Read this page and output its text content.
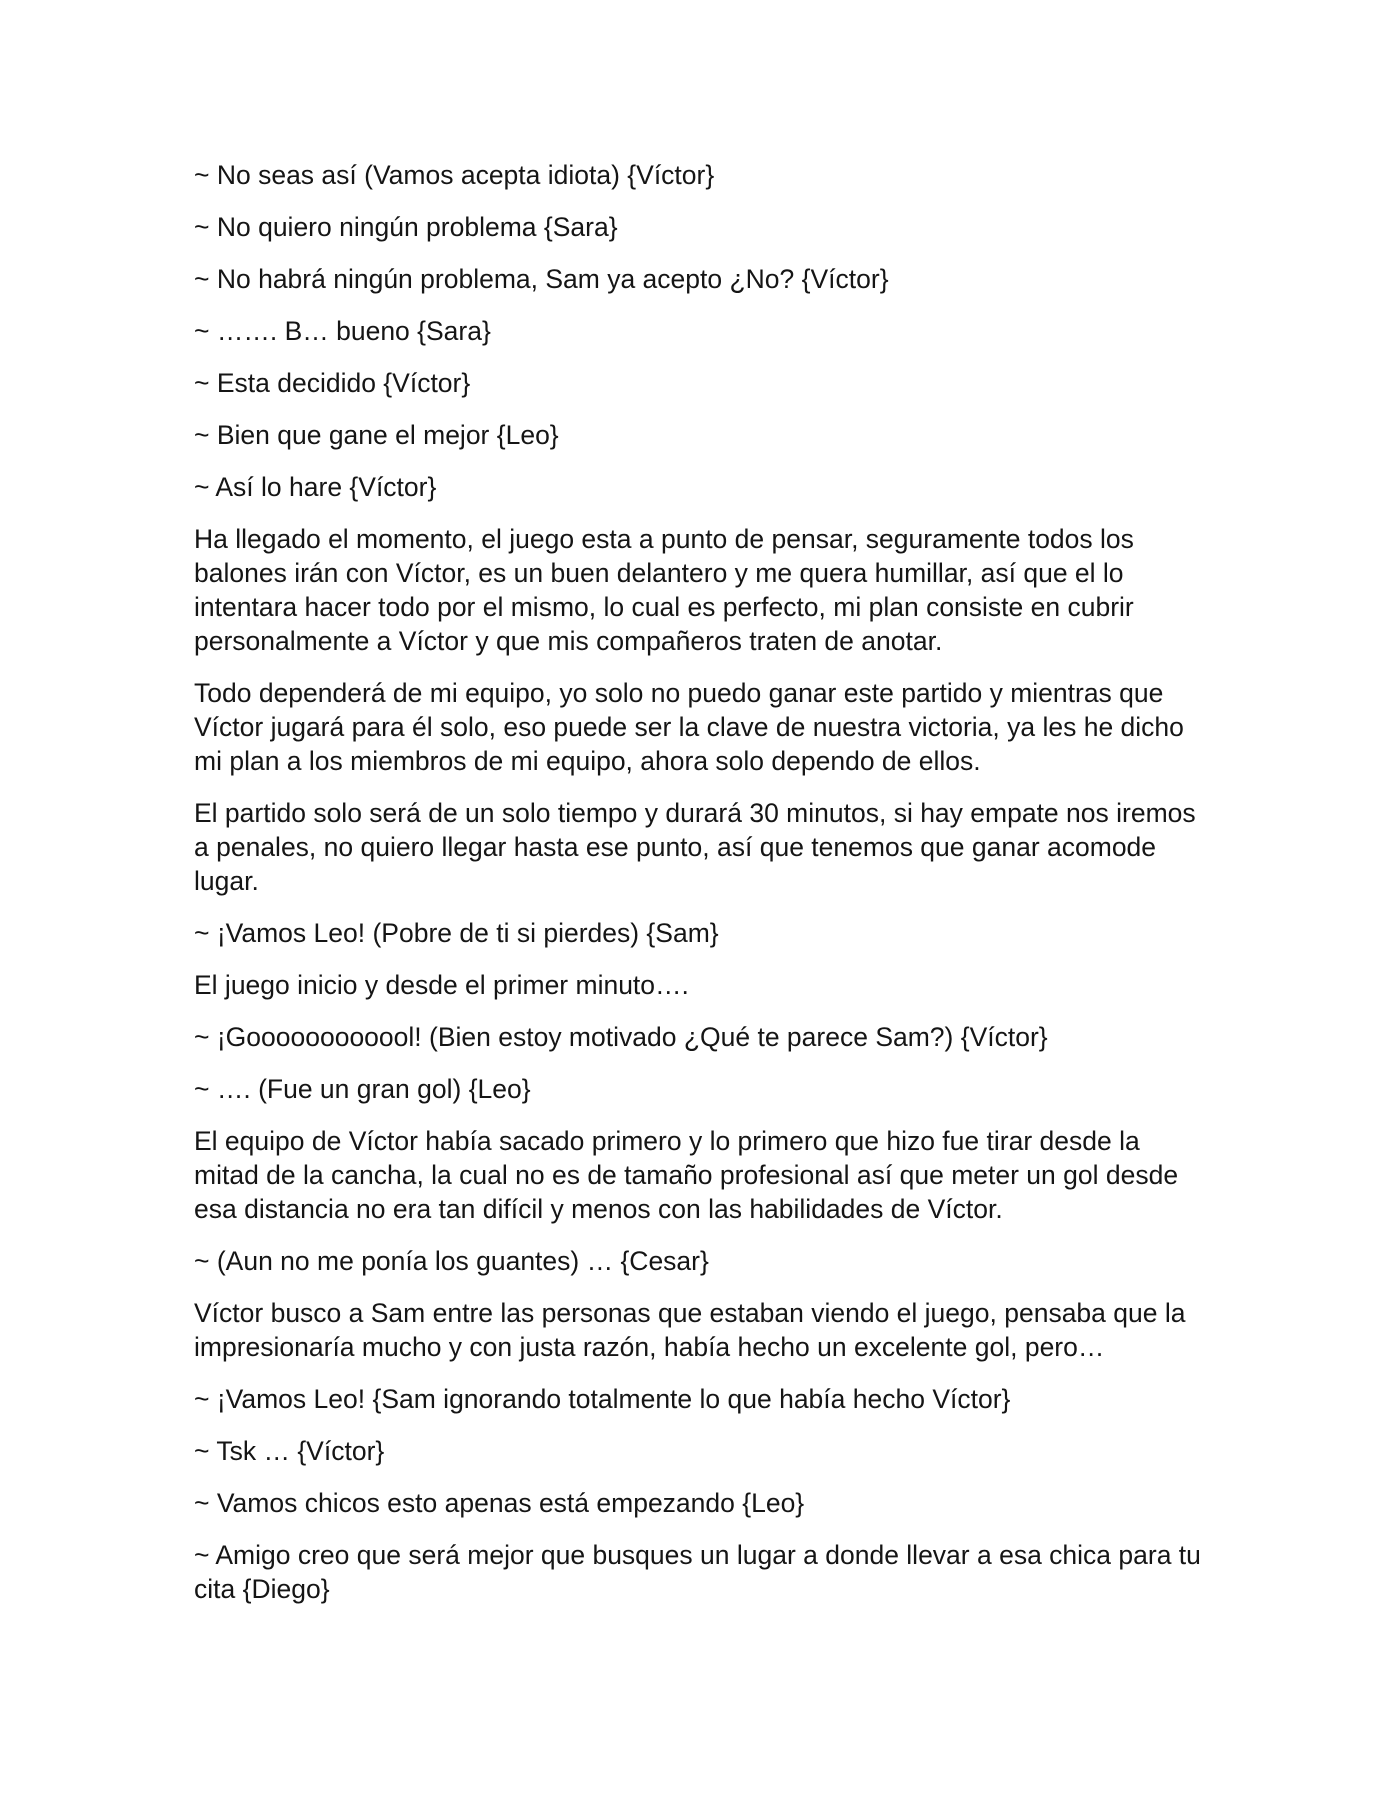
~ No seas así (Vamos acepta idiota) {Víctor}

~ No quiero ningún problema {Sara}

~ No habrá ningún problema, Sam ya acepto ¿No? {Víctor}

~ ……. B… bueno {Sara}

~ Esta decidido {Víctor}

~ Bien que gane el mejor {Leo}

~ Así lo hare {Víctor}

Ha llegado el momento, el juego esta a punto de pensar, seguramente todos los balones irán con Víctor, es un buen delantero y me quera humillar, así que el lo intentara hacer todo por el mismo, lo cual es perfecto, mi plan consiste en cubrir personalmente a Víctor y que mis compañeros traten de anotar.

Todo dependerá de mi equipo, yo solo no puedo ganar este partido y mientras que Víctor jugará para él solo, eso puede ser la clave de nuestra victoria, ya les he dicho mi plan a los miembros de mi equipo, ahora solo dependo de ellos.

El partido solo será de un solo tiempo y durará 30 minutos, si hay empate nos iremos a penales, no quiero llegar hasta ese punto, así que tenemos que ganar acomode lugar.

~ ¡Vamos Leo! (Pobre de ti si pierdes) {Sam}

El juego inicio y desde el primer minuto….

~ ¡Goooooooooool! (Bien estoy motivado ¿Qué te parece Sam?) {Víctor}

~ …. (Fue un gran gol) {Leo}

El equipo de Víctor había sacado primero y lo primero que hizo fue tirar desde la mitad de la cancha, la cual no es de tamaño profesional así que meter un gol desde esa distancia no era tan difícil y menos con las habilidades de Víctor.

~ (Aun no me ponía los guantes) … {Cesar}

Víctor busco a Sam entre las personas que estaban viendo el juego, pensaba que la impresionaría mucho y con justa razón, había hecho un excelente gol, pero…

~ ¡Vamos Leo! {Sam ignorando totalmente lo que había hecho Víctor}

~ Tsk … {Víctor}

~ Vamos chicos esto apenas está empezando {Leo}

~ Amigo creo que será mejor que busques un lugar a donde llevar a esa chica para tu cita {Diego}
